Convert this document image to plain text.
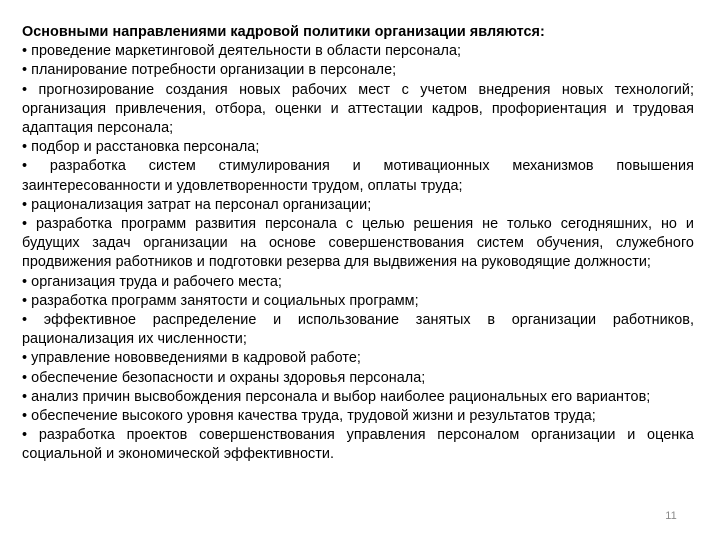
Основными направлениями кадровой политики организации являются:

• проведение маркетинговой деятельности в области персонала;

• планирование потребности организации в персонале;

• прогнозирование создания новых рабочих мест с учетом внедрения новых технологий; организация привлечения, отбора, оценки и аттестации кадров, профориентация и трудовая адаптация персонала;

• подбор и расстановка персонала;

• разработка систем стимулирования и мотивационных механизмов повышения заинтересованности и удовлетворенности трудом, оплаты труда;

• рационализация затрат на персонал организации;

• разработка программ развития персонала с целью решения не только сегодняшних, но и будущих задач организации на основе совершенствования систем обучения, служебного продвижения работников и подготовки резерва для выдвижения на руководящие должности;

• организация труда и рабочего места;

• разработка программ занятости и социальных программ;

• эффективное распределение и использование занятых в организации работников, рационализация их численности;

• управление нововведениями в кадровой работе;

• обеспечение безопасности и охраны здоровья персонала;

• анализ причин высвобождения персонала и выбор наиболее рациональных его вариантов;

• обеспечение высокого уровня качества труда, трудовой жизни и результатов труда;

• разработка проектов совершенствования управления персоналом организации и оценка социальной и экономической эффективности.

11
